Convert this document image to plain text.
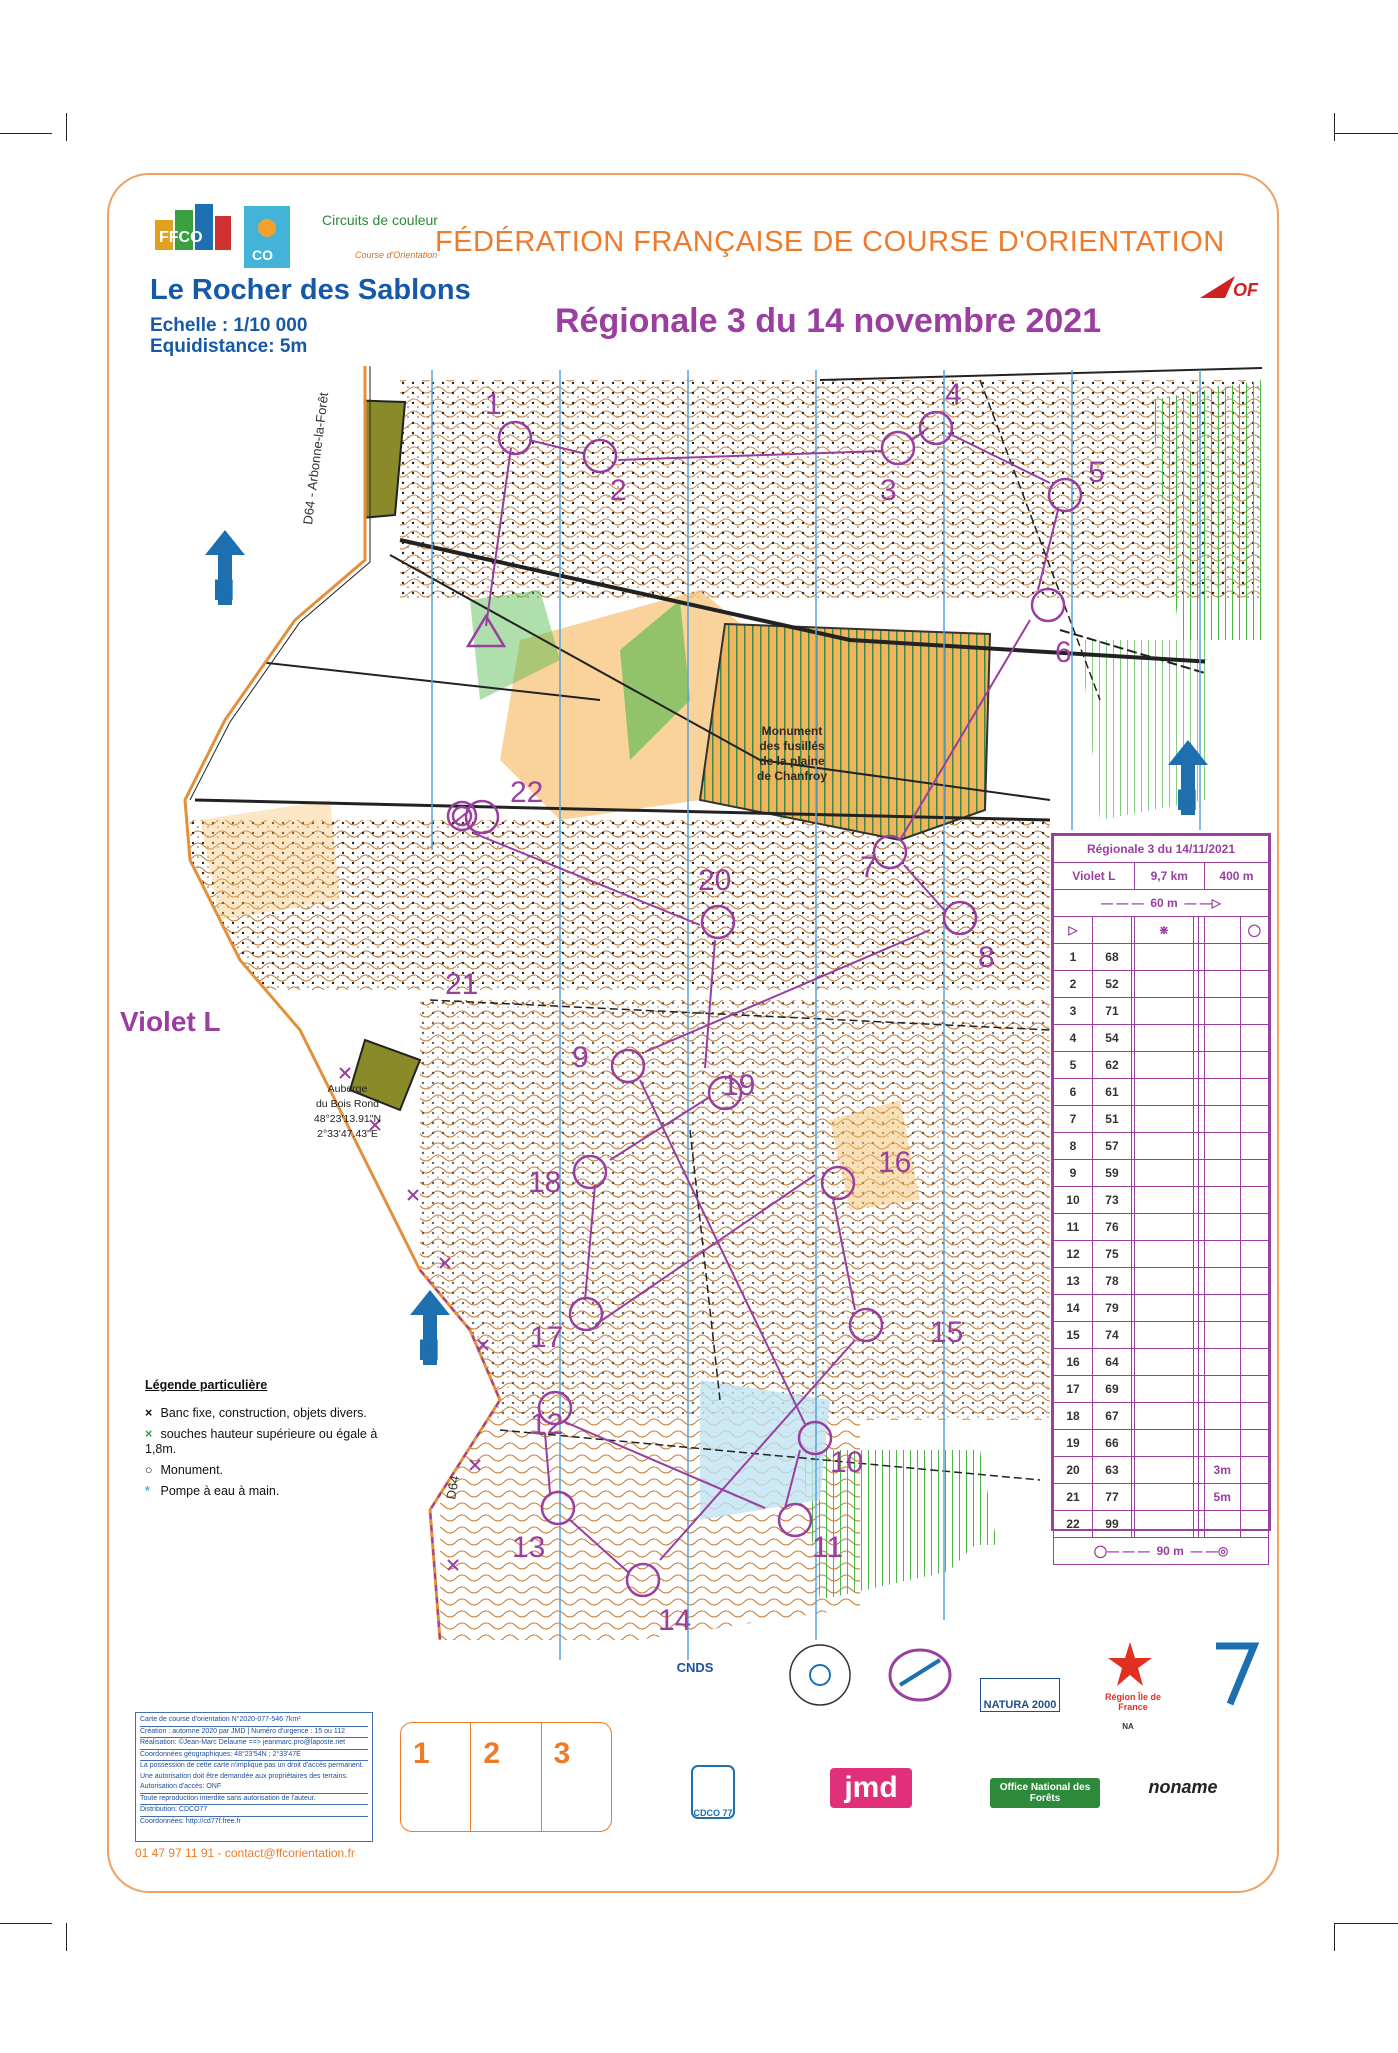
FFCO
CO
Circuits de couleur
Course d'Orientation
FÉDÉRATION FRANÇAISE DE COURSE D'ORIENTATION
Le Rocher des Sablons
Echelle : 1/10 000
Equidistance: 5m
Régionale 3 du 14 novembre 2021
OF
1
2	3
4
5
6
7
8
9
10
11
12
13
14
15
16
17
18
19
20
21
22
N
N
N
D64 - Arbonne-la-Forêt
D64
Violet L
Auberge
du Bois Rond
48°23'13.91"N
2°33'47.43"E
Monument
des fusillés
de la plaine
de Chanfroy
Légende particulière
× Banc fixe, construction, objets divers.
× souches hauteur supérieure ou égale à 1,8m.
○ Monument.
* Pompe à eau à main.
Régionale 3 du 14/11/2021							
Violet L			9,7 km			400 m	
— — —  60 m  — —▷							
▷			⋇				◯
1	68						
2	52						
3	71						
4	54						
5	62						
6	61						
7	51						
8	57						
9	59						
10	73						
11	76						
12	75						
13	78						
14	79						
15	74						
16	64						
17	69						
18	67						
19	66						
20	63					3m	
21	77					5m	
22	99						
◯— — —  90 m  — —◎							
Carte de course d'orientation N°2020-077-546 7km²
Création : automne 2020 par JMD | Numéro d'urgence : 15 ou 112
Réalisation: ©Jean-Marc Delaume ==> jeanmarc.pro@laposte.net
Coordonnées géographiques: 48°23'54N ; 2°33'47E
La possession de cette carte n'implique pas un droit d'accès permanent. Une autorisation doit être demandée aux propriétaires des terrains. Autorisation d'accès: ONF
Toute reproduction interdite sans autorisation de l'auteur.
Distribution: CDCO77
Coordonnées: http://cd77f.free.fr
01 47 97 11 91 - contact@ffcorientation.fr
1	2	3
CNDS
NATURA 2000
Région Île de France
NA
CDCO 77
jmd	Office National des Forêts
noname
